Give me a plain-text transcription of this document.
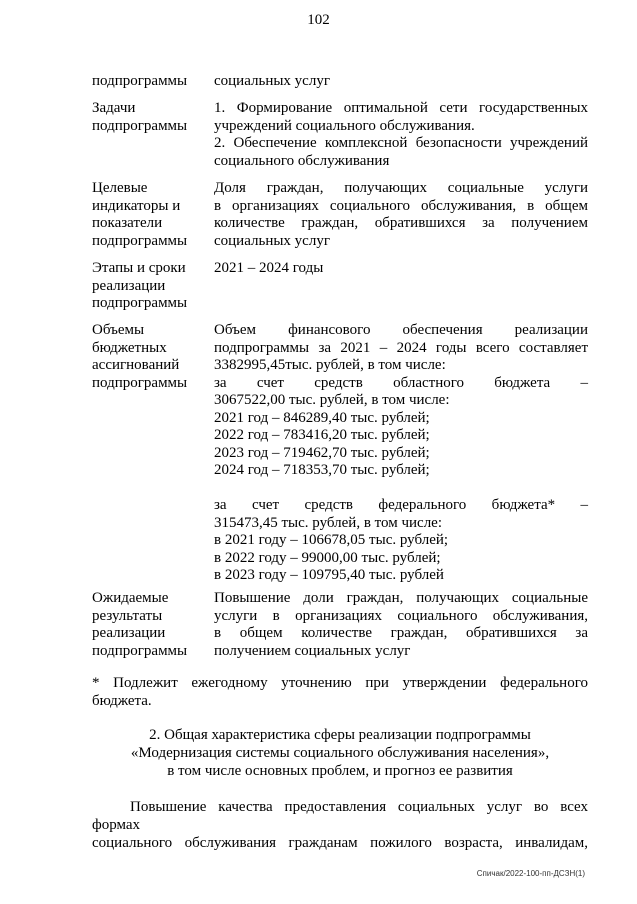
102
подпрограммы	социальных услуг
Задачи
подпрограммы
1. Формирование оптимальной сети государственных
учреждений социального обслуживания.
2. Обеспечение комплексной безопасности учреждений
социального обслуживания
Целевые
индикаторы и
показатели
подпрограммы
Доля граждан, получающих социальные услуги
в организациях социального обслуживания, в общем
количестве граждан, обратившихся за получением
социальных услуг
Этапы и сроки
реализации
подпрограммы
2021 – 2024 годы
Объемы
бюджетных
ассигнований
подпрограммы
Объем финансового обеспечения реализации
подпрограммы за 2021 – 2024 годы всего составляет
3382995,45тыс. рублей, в том числе:
за счет средств областного бюджета –
3067522,00 тыс. рублей, в том числе:
2021 год – 846289,40 тыс. рублей;
2022 год – 783416,20 тыс. рублей;
2023 год – 719462,70 тыс. рублей;
2024 год – 718353,70 тыс. рублей;

за счет средств федерального бюджета* –
315473,45 тыс. рублей, в том числе:
в 2021 году – 106678,05 тыс. рублей;
в 2022 году – 99000,00 тыс. рублей;
в 2023 году – 109795,40 тыс. рублей
Ожидаемые
результаты
реализации
подпрограммы
Повышение доли граждан, получающих социальные
услуги в организациях социального обслуживания,
в общем количестве граждан, обратившихся за
получением социальных услуг
* Подлежит ежегодному уточнению при утверждении федерального
бюджета.
2. Общая характеристика сферы реализации подпрограммы
«Модернизация системы социального обслуживания населения»,
в том числе основных проблем, и прогноз ее развития
Повышение качества предоставления социальных услуг во всех формах
социального обслуживания гражданам пожилого возраста, инвалидам,
Спичак/2022-100-пп-ДСЗН(1)
